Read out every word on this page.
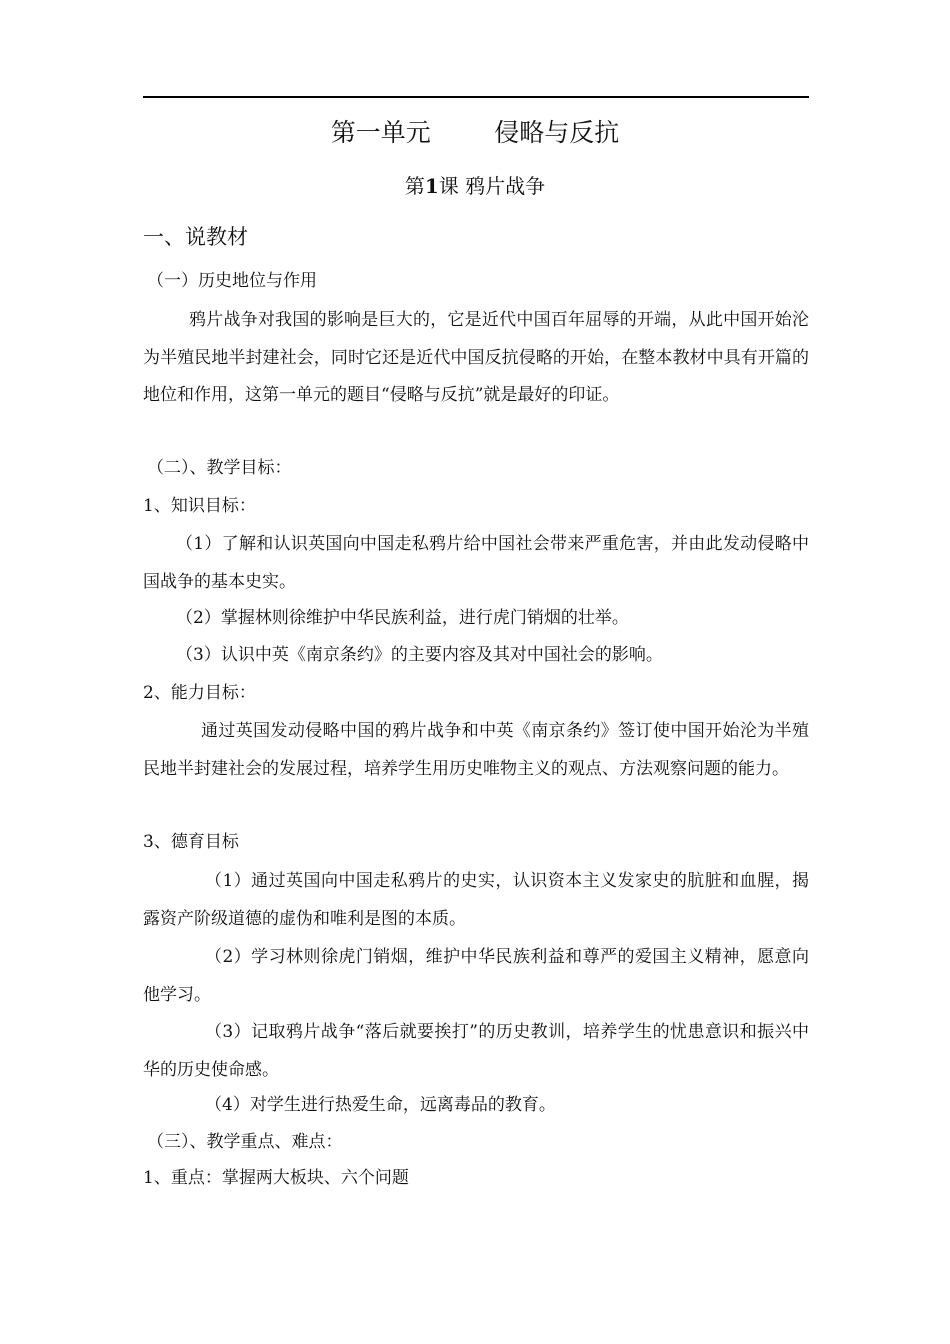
第一单元        侵略与反抗
第1课 鸦片战争
一、说教材
（一）历史地位与作用
鸦片战争对我国的影响是巨大的，它是近代中国百年屈辱的开端，从此中国开始沦为半殖民地半封建社会，同时它还是近代中国反抗侵略的开始，在整本教材中具有开篇的地位和作用，这第一单元的题目“侵略与反抗”就是最好的印证。
（二）、教学目标：
1、知识目标：
（1）了解和认识英国向中国走私鸦片给中国社会带来严重危害，并由此发动侵略中国战争的基本史实。
（2）掌握林则徐维护中华民族利益，进行虎门销烟的壮举。
（3）认识中英《南京条约》的主要内容及其对中国社会的影响。
2、能力目标：
通过英国发动侵略中国的鸦片战争和中英《南京条约》签订使中国开始沦为半殖民地半封建社会的发展过程，培养学生用历史唯物主义的观点、方法观察问题的能力。
3、德育目标
（1）通过英国向中国走私鸦片的史实，认识资本主义发家史的肮脏和血腥，揭露资产阶级道德的虚伪和唯利是图的本质。
（2）学习林则徐虎门销烟，维护中华民族利益和尊严的爱国主义精神，愿意向他学习。
（3）记取鸦片战争“落后就要挨打”的历史教训，培养学生的忧患意识和振兴中华的历史使命感。
（4）对学生进行热爱生命，远离毒品的教育。
（三）、教学重点、难点：
1、重点：掌握两大板块、六个问题
